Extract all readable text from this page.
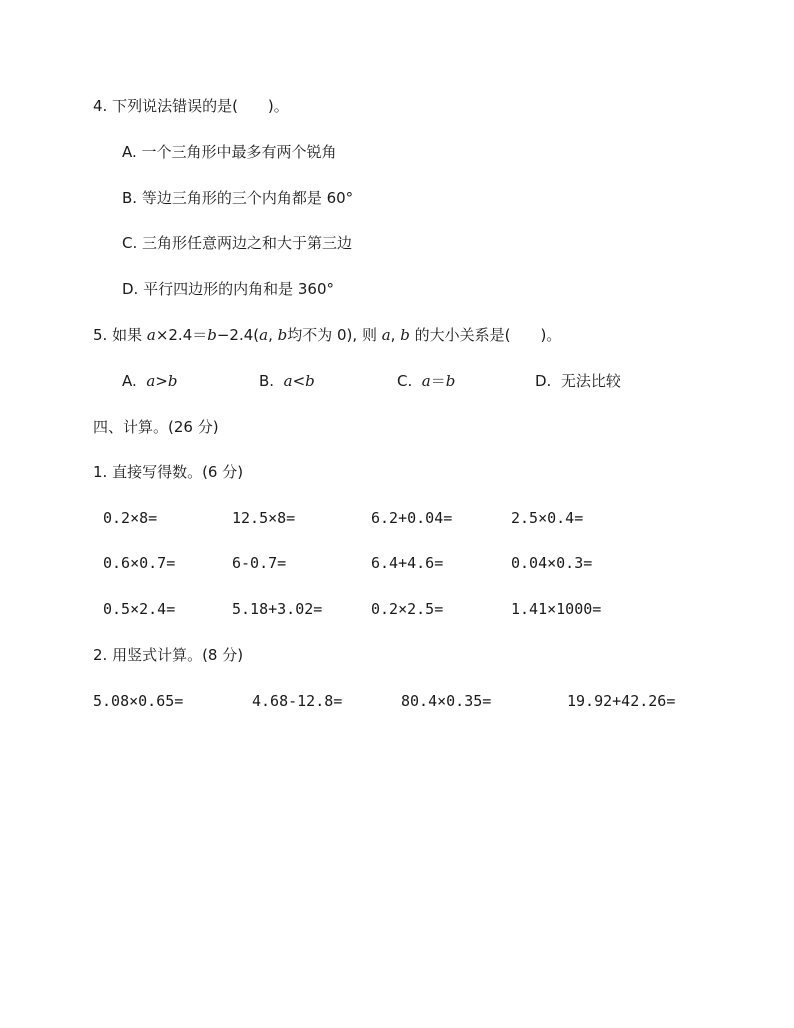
4. 下列说法错误的是(　　)。
A. 一个三角形中最多有两个锐角
B. 等边三角形的三个内角都是 60°
C. 三角形任意两边之和大于第三边
D. 平行四边形的内角和是 360°
5. 如果 a×2.4＝b−2.4(a, b均不为 0), 则 a, b 的大小关系是(　　)。
A. a>b	B. a<b	C. a＝b	D. 无法比较
四、计算。(26 分)
1. 直接写得数。(6 分)
0.2×8=	12.5×8=	6.2+0.04=	2.5×0.4=
0.6×0.7=	6-0.7=	6.4+4.6=	0.04×0.3=
0.5×2.4=	5.18+3.02=	0.2×2.5=	1.41×1000=
2. 用竖式计算。(8 分)
5.08×0.65=	4.68-12.8=	80.4×0.35=	19.92+42.26=
